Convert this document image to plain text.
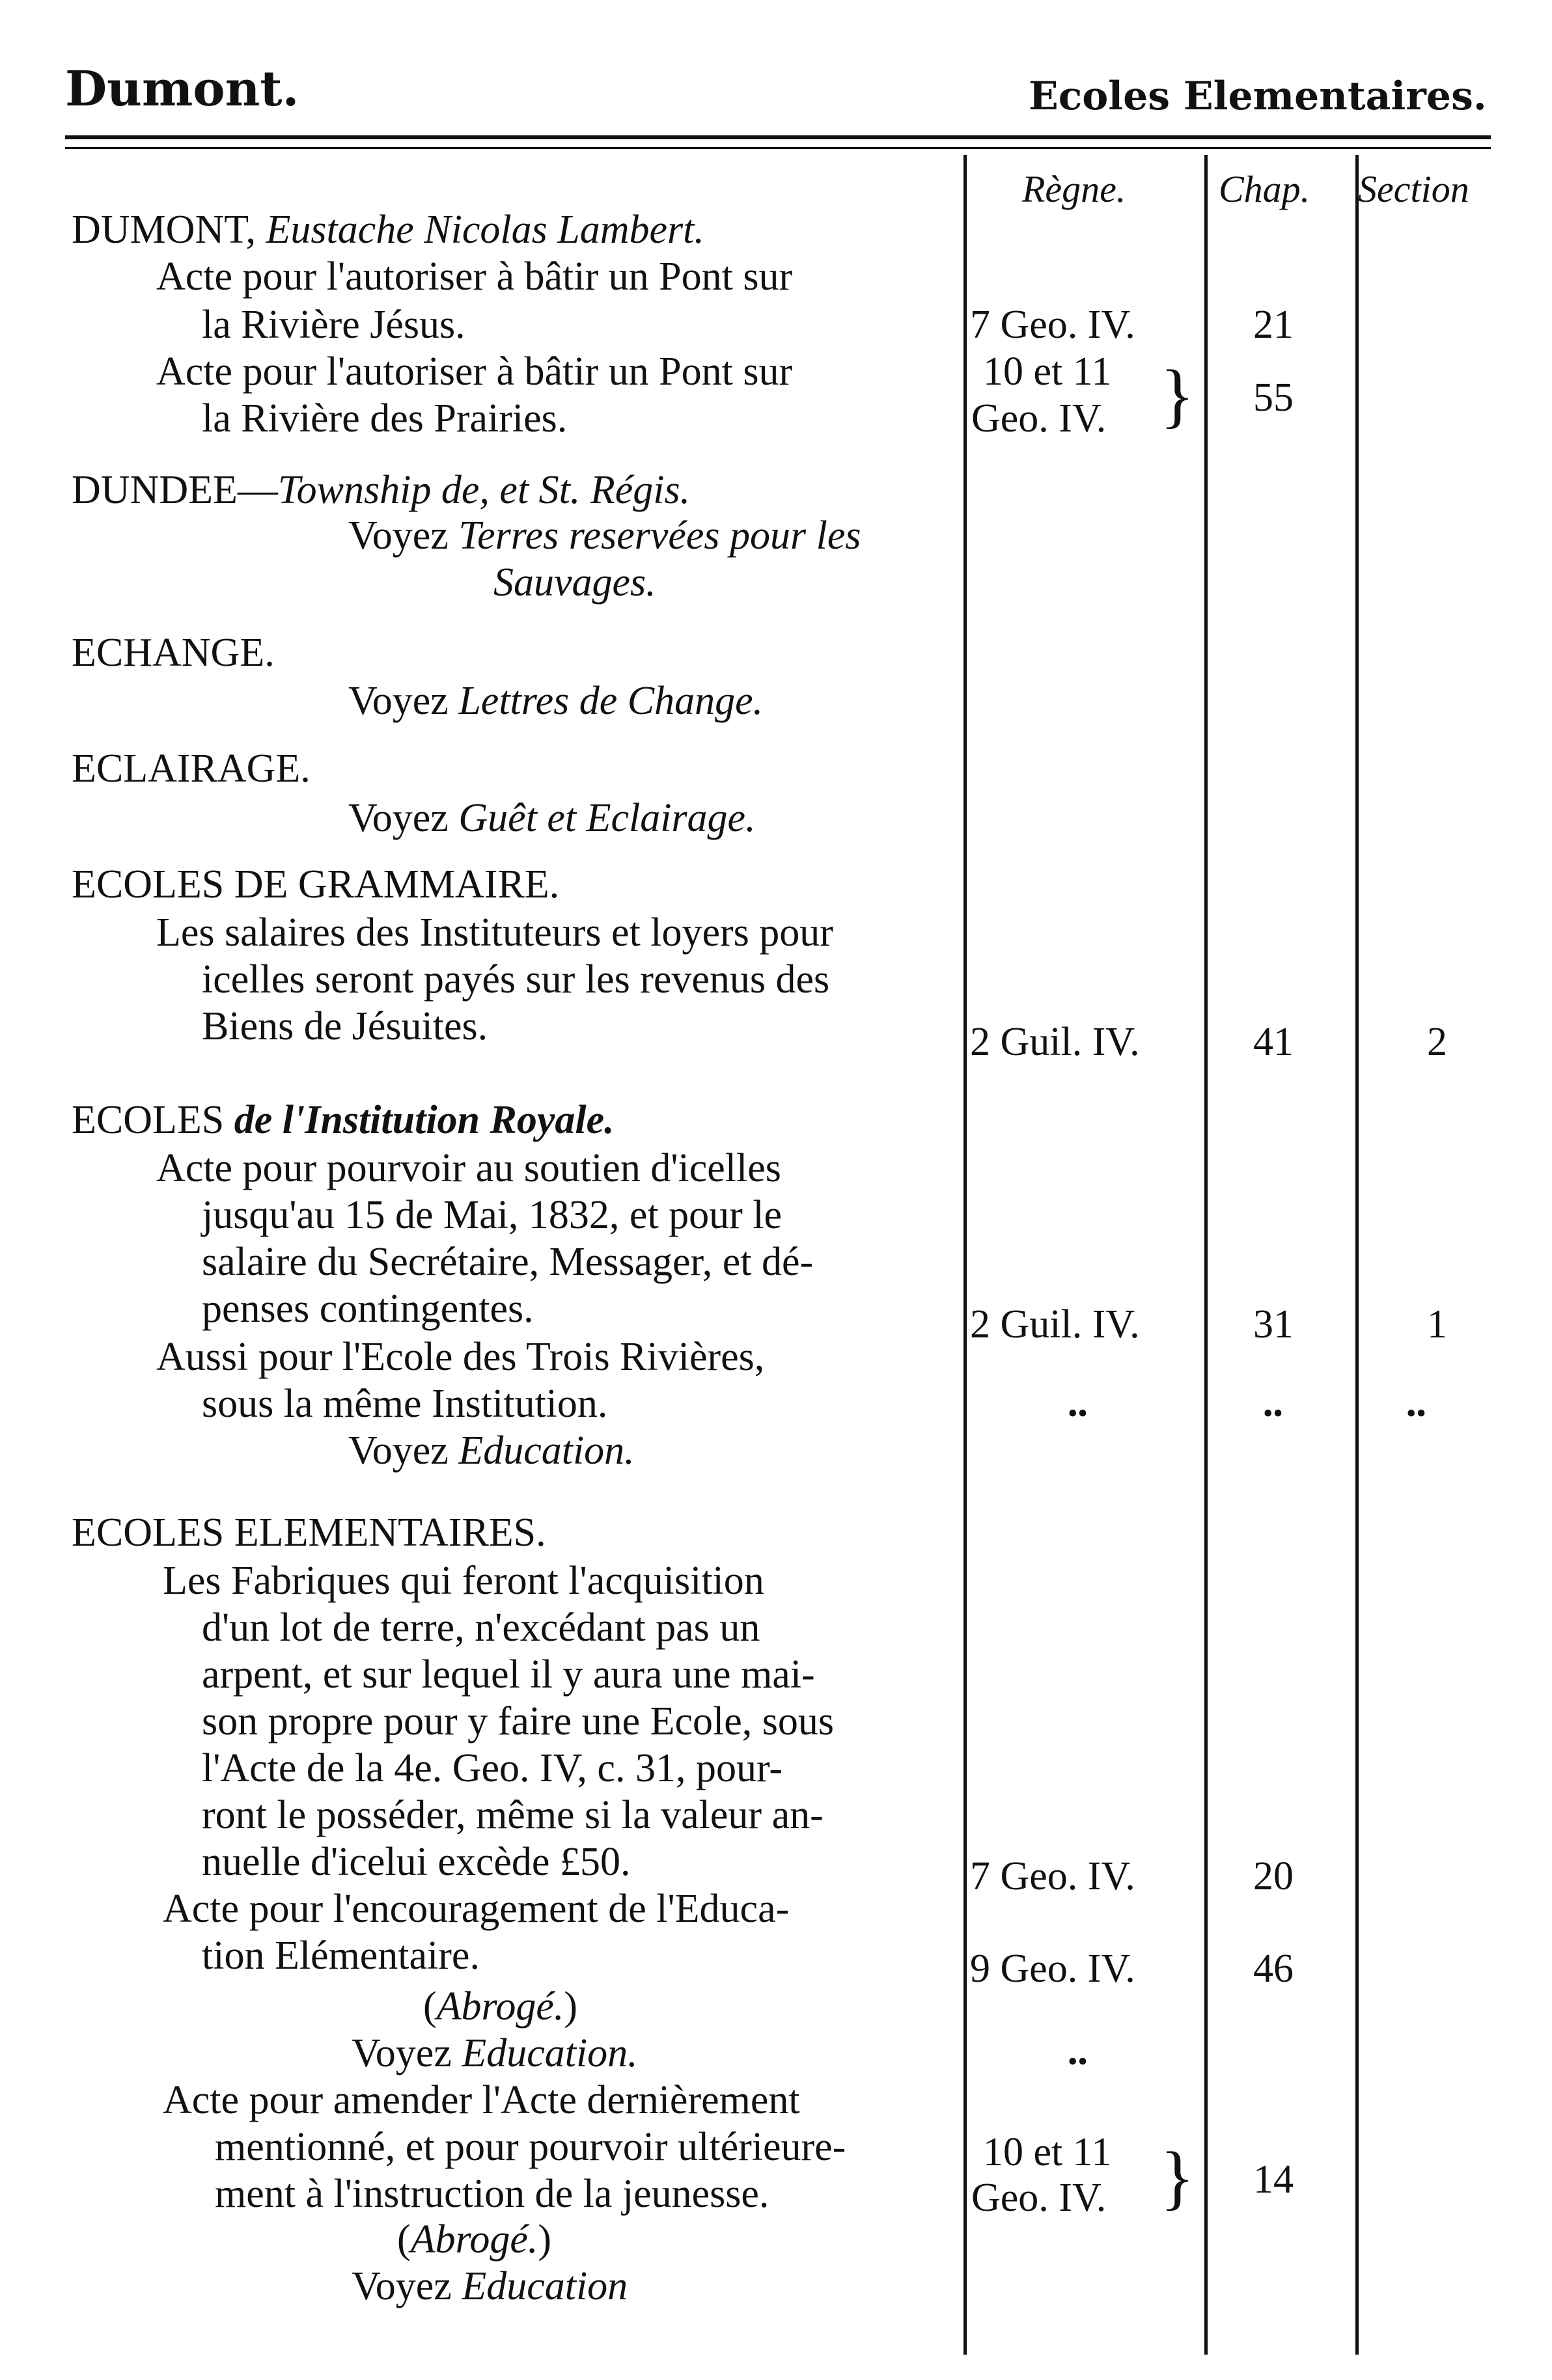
Dumont.	Ecoles Elementaires.
Règne. Chap. Section
DUMONT, Eustache Nicolas Lambert.
Acte pour l'autoriser à bâtir un Pont sur
la Rivière Jésus.	7 Geo. IV.	21
Acte pour l'autoriser à bâtir un Pont sur
la Rivière des Prairies.
10 et 11
Geo. IV. } 55
DUNDEE—Township de, et St. Régis.
Voyez Terres reservées pour les
Sauvages.
ECHANGE.
Voyez Lettres de Change.
ECLAIRAGE.
Voyez Guêt et Eclairage.
ECOLES DE GRAMMAIRE.
Les salaires des Instituteurs et loyers pour
icelles seront payés sur les revenus des
Biens de Jésuites.	2 Guil. IV.	41	2
ECOLES de l'Institution Royale.
Acte pour pourvoir au soutien d'icelles
jusqu'au 15 de Mai, 1832, et pour le
salaire du Secrétaire, Messager, et dé-
penses contingentes.	2 Guil. IV.	31	1
Aussi pour l'Ecole des Trois Rivières,
sous la même Institution.
Voyez Education.
••	••	••
ECOLES ELEMENTAIRES.
Les Fabriques qui feront l'acquisition
d'un lot de terre, n'excédant pas un
arpent, et sur lequel il y aura une mai-
son propre pour y faire une Ecole, sous
l'Acte de la 4e. Geo. IV, c. 31, pour-
ront le posséder, même si la valeur an-
nuelle d'icelui excède £50.	7 Geo. IV.	20
Acte pour l'encouragement de l'Educa-
tion Elémentaire.	9 Geo. IV.	46
(Abrogé.)
Voyez Education.	••
Acte pour amender l'Acte dernièrement
mentionné, et pour pourvoir ultérieure-
ment à l'instruction de la jeunesse.
10 et 11
Geo. IV. } 14
(Abrogé.)
Voyez Education
